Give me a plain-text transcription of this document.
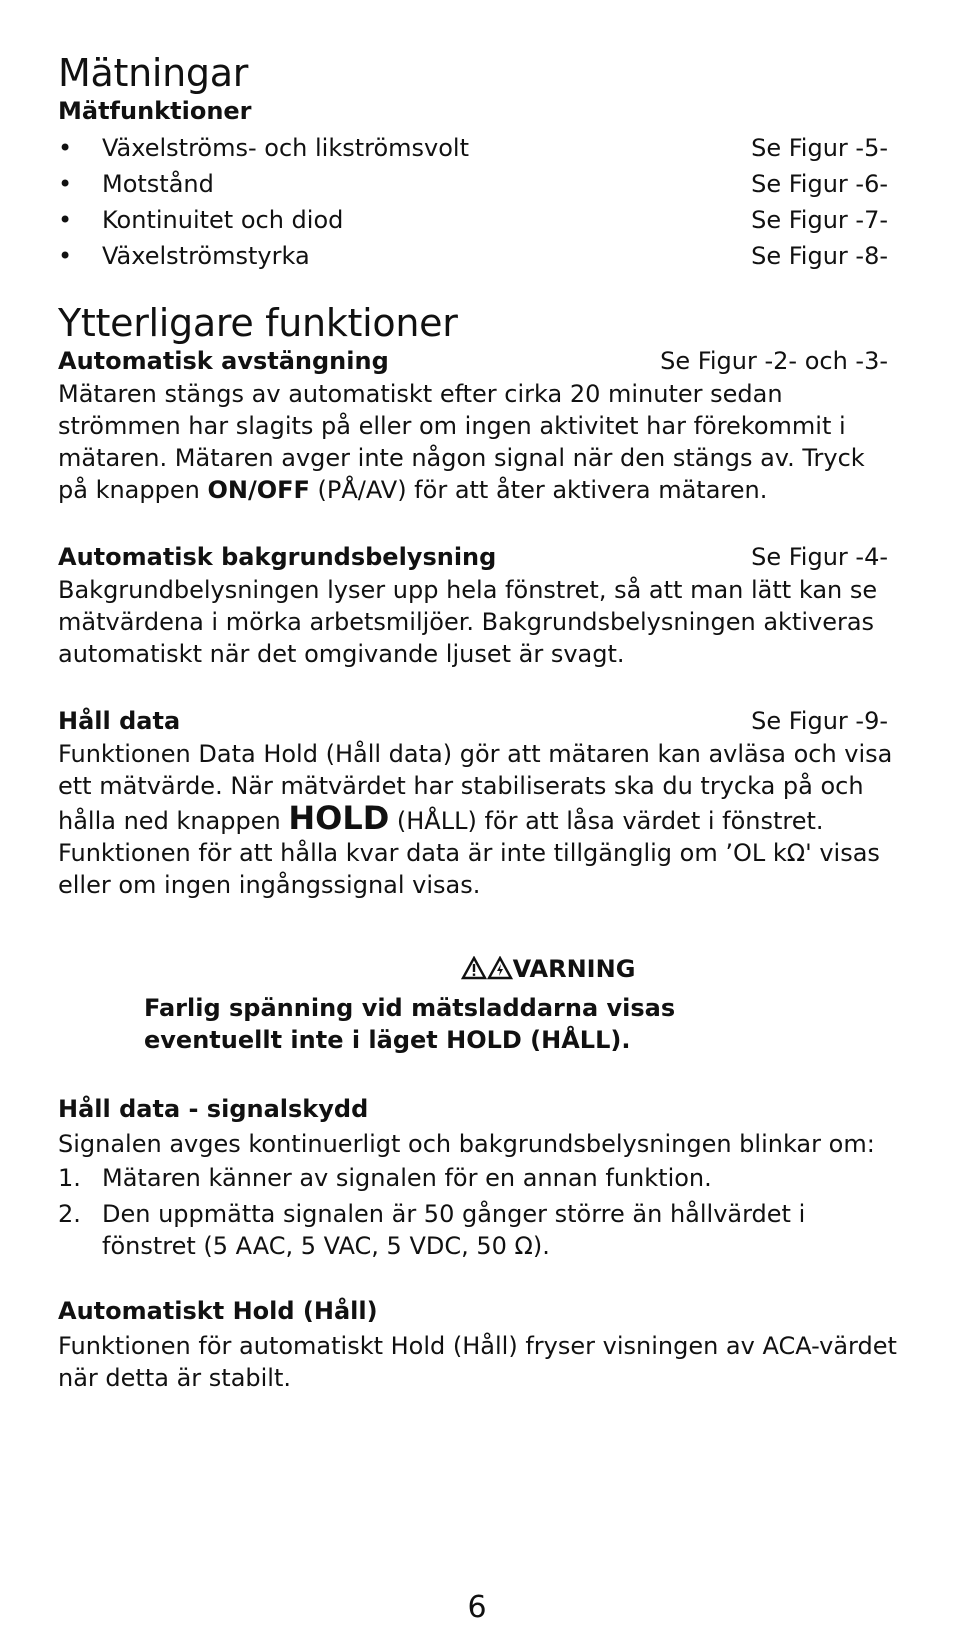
Mätningar

Mätfunktioner

•	Växelströms- och likströmsvolt	Se Figur -5-
•	Motstånd	Se Figur -6-
•	Kontinuitet och diod	Se Figur -7-
•	Växelströmstyrka	Se Figur -8-
Ytterligare funktioner
Automatisk avstängning	Se Figur -2- och -3-

Mätaren stängs av automatiskt efter cirka 20 minuter sedan strömmen har slagits på eller om ingen aktivitet har förekommit i mätaren. Mätaren avger inte någon signal när den stängs av. Tryck på knappen ON/OFF (PÅ/AV) för att åter aktivera mätaren.

Automatisk bakgrundsbelysning	Se Figur -4-

Bakgrundbelysningen lyser upp hela fönstret, så att man lätt kan se mätvärdena i mörka arbetsmiljöer. Bakgrundsbelysningen aktiveras automatiskt när det omgivande ljuset är svagt.

Håll data	Se Figur -9-

Funktionen Data Hold (Håll data) gör att mätaren kan avläsa och visa ett mätvärde. När mätvärdet har stabiliserats ska du trycka på och hålla ned knappen HOLD (HÅLL) för att låsa värdet i fönstret. Funktionen för att hålla kvar data är inte tillgänglig om ’OL kΩ' visas eller om ingen ingångssignal visas.

VARNING

Farlig spänning vid mätsladdarna visas eventuellt inte i läget HOLD (HÅLL).

Håll data - signalskydd

Signalen avges kontinuerligt och bakgrundsbelysningen blinkar om:

1. Mätaren känner av signalen för en annan funktion.
2. Den uppmätta signalen är 50 gånger större än hållvärdet i fönstret (5 AAC, 5 VAC, 5 VDC, 50 Ω).

Automatiskt Hold (Håll)

Funktionen för automatiskt Hold (Håll) fryser visningen av ACA-värdet när detta är stabilt.

6
